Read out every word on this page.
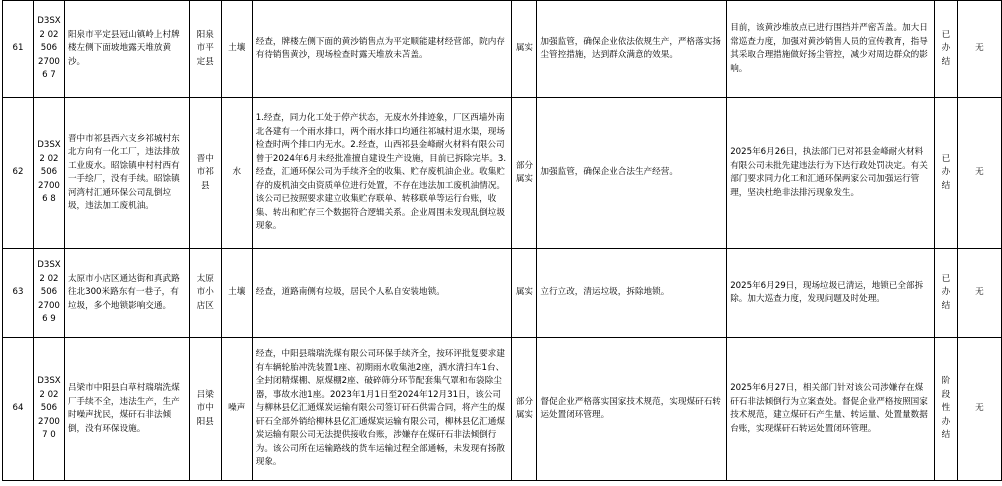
61	D3SX2 02506 27006 7	阳泉市平定县冠山镇岭上村牌楼左侧下面坡地露天堆放黄沙。	阳泉市平定县	土壤	经查，牌楼左侧下面的黄沙销售点为平定顺能建材经营部，院内存有待销售黄沙，现场检查时露天堆放未苫盖。	属实	加强监管，确保企业依法依规生产，严格落实扬尘管控措施，达到群众满意的效果。	目前，该黄沙堆放点已进行围挡并严密苫盖。加大日常巡查力度，加强对黄沙销售人员的宣传教育，指导其采取合理措施做好扬尘管控，减少对周边群众的影响。	已办结	无
62	D3SX2 02506 27006 8	晋中市祁县西六支乡祁城村东北方向有一化工厂，违法排放工业废水。昭馀镇申村村西有一手绘厂，没有手续。昭馀镇河湾村汇通环保公司乱倒垃圾，违法加工废机油。	晋中市祁县	水	1.经查，同力化工处于停产状态，无废水外排迹象，厂区西墙外南北各建有一个雨水排口，两个雨水排口均通往祁城村退水渠，现场检查时两个排口内无水。2.经查，山西祁县金峰耐火材料有限公司曾于2024年6月未经批准擅自建设生产设施，目前已拆除完毕。3.经查，汇通环保公司为手续齐全的收集、贮存废机油企业。收集贮存的废机油交由资质单位进行处置，不存在违法加工废机油情况。该公司已按照要求建立收集贮存联单、转移联单等运行台账，收集、转出和贮存三个数据符合逻辑关系。企业周围未发现乱倒垃圾现象。	部分属实	加强监管，确保企业合法生产经营。	2025年6月26日，执法部门已对祁县金峰耐火材料有限公司未批先建违法行为下达行政处罚决定。有关部门要求同力化工和汇通环保两家公司加强运行管理，坚决杜绝非法排污现象发生。	已办结	无
63	D3SX2 02506 27006 9	太原市小店区通达街和真武路往北300米路东有一巷子，有垃圾，多个地锁影响交通。	太原市小店区	土壤	经查，道路南侧有垃圾，居民个人私自安装地锁。	属实	立行立改，清运垃圾，拆除地锁。	2025年6月29日，现场垃圾已清运，地锁已全部拆除。加大巡查力度，发现问题及时处理。	已办结	无
64	D3SX2 02506 27007 0	吕梁市中阳县白草村瑞瑞洗煤厂手续不全，违法生产，生产时噪声扰民，煤矸石非法倾倒，没有环保设施。	吕梁市中阳县	噪声	经查，中阳县瑞瑞洗煤有限公司环保手续齐全，按环评批复要求建有车辆轮胎冲洗装置1座、初期雨水收集池2座，洒水清扫车1台、全封闭精煤棚、原煤棚2座、破碎筛分环节配套集气罩和布袋除尘器，事故水池1座。2023年1月1日至2024年12月31日，该公司与柳林县亿汇通煤炭运输有限公司签订矸石供需合同，将产生的煤矸石全部外销给柳林县亿汇通煤炭运输有限公司，柳林县亿汇通煤炭运输有限公司无法提供接收台账，涉嫌存在煤矸石非法倾倒行为。该公司所在运输路线的货车运输过程全部通畅，未发现有扬散现象。	部分属实	督促企业严格落实国家技术规范，实现煤矸石转运处置闭环管理。	2025年6月27日，相关部门针对该公司涉嫌存在煤矸石非法倾倒行为立案查处。督促企业严格按照国家技术规范，建立煤矸石产生量、转运量、处置量数据台账，实现煤矸石转运处置闭环管理。	阶段性办结	无
